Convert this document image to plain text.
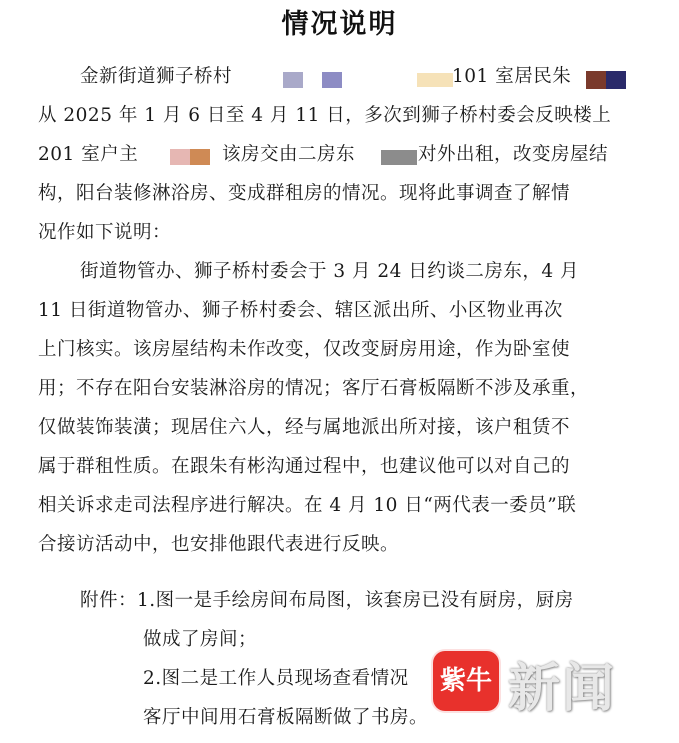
情况说明
金新街道狮子桥村	101 室居民朱
从 2025 年 1 月 6 日至 4 月 11 日，多次到狮子桥村委会反映楼上
201 室户主	该房交由二房东	对外出租，改变房屋结
构，阳台装修淋浴房、变成群租房的情况。现将此事调查了解情
况作如下说明：
街道物管办、狮子桥村委会于 3 月 24 日约谈二房东，4 月
11 日街道物管办、狮子桥村委会、辖区派出所、小区物业再次
上门核实。该房屋结构未作改变，仅改变厨房用途，作为卧室使
用；不存在阳台安装淋浴房的情况；客厅石膏板隔断不涉及承重，
仅做装饰装潢；现居住六人，经与属地派出所对接，该户租赁不
属于群租性质。在跟朱有彬沟通过程中，也建议他可以对自己的
相关诉求走司法程序进行解决。在 4 月 10 日“两代表一委员”联
合接访活动中，也安排他跟代表进行反映。
附件：1.图一是手绘房间布局图，该套房已没有厨房，厨房
做成了房间；
2.图二是工作人员现场查看情况
客厅中间用石膏板隔断做了书房。
紫牛 新闻
